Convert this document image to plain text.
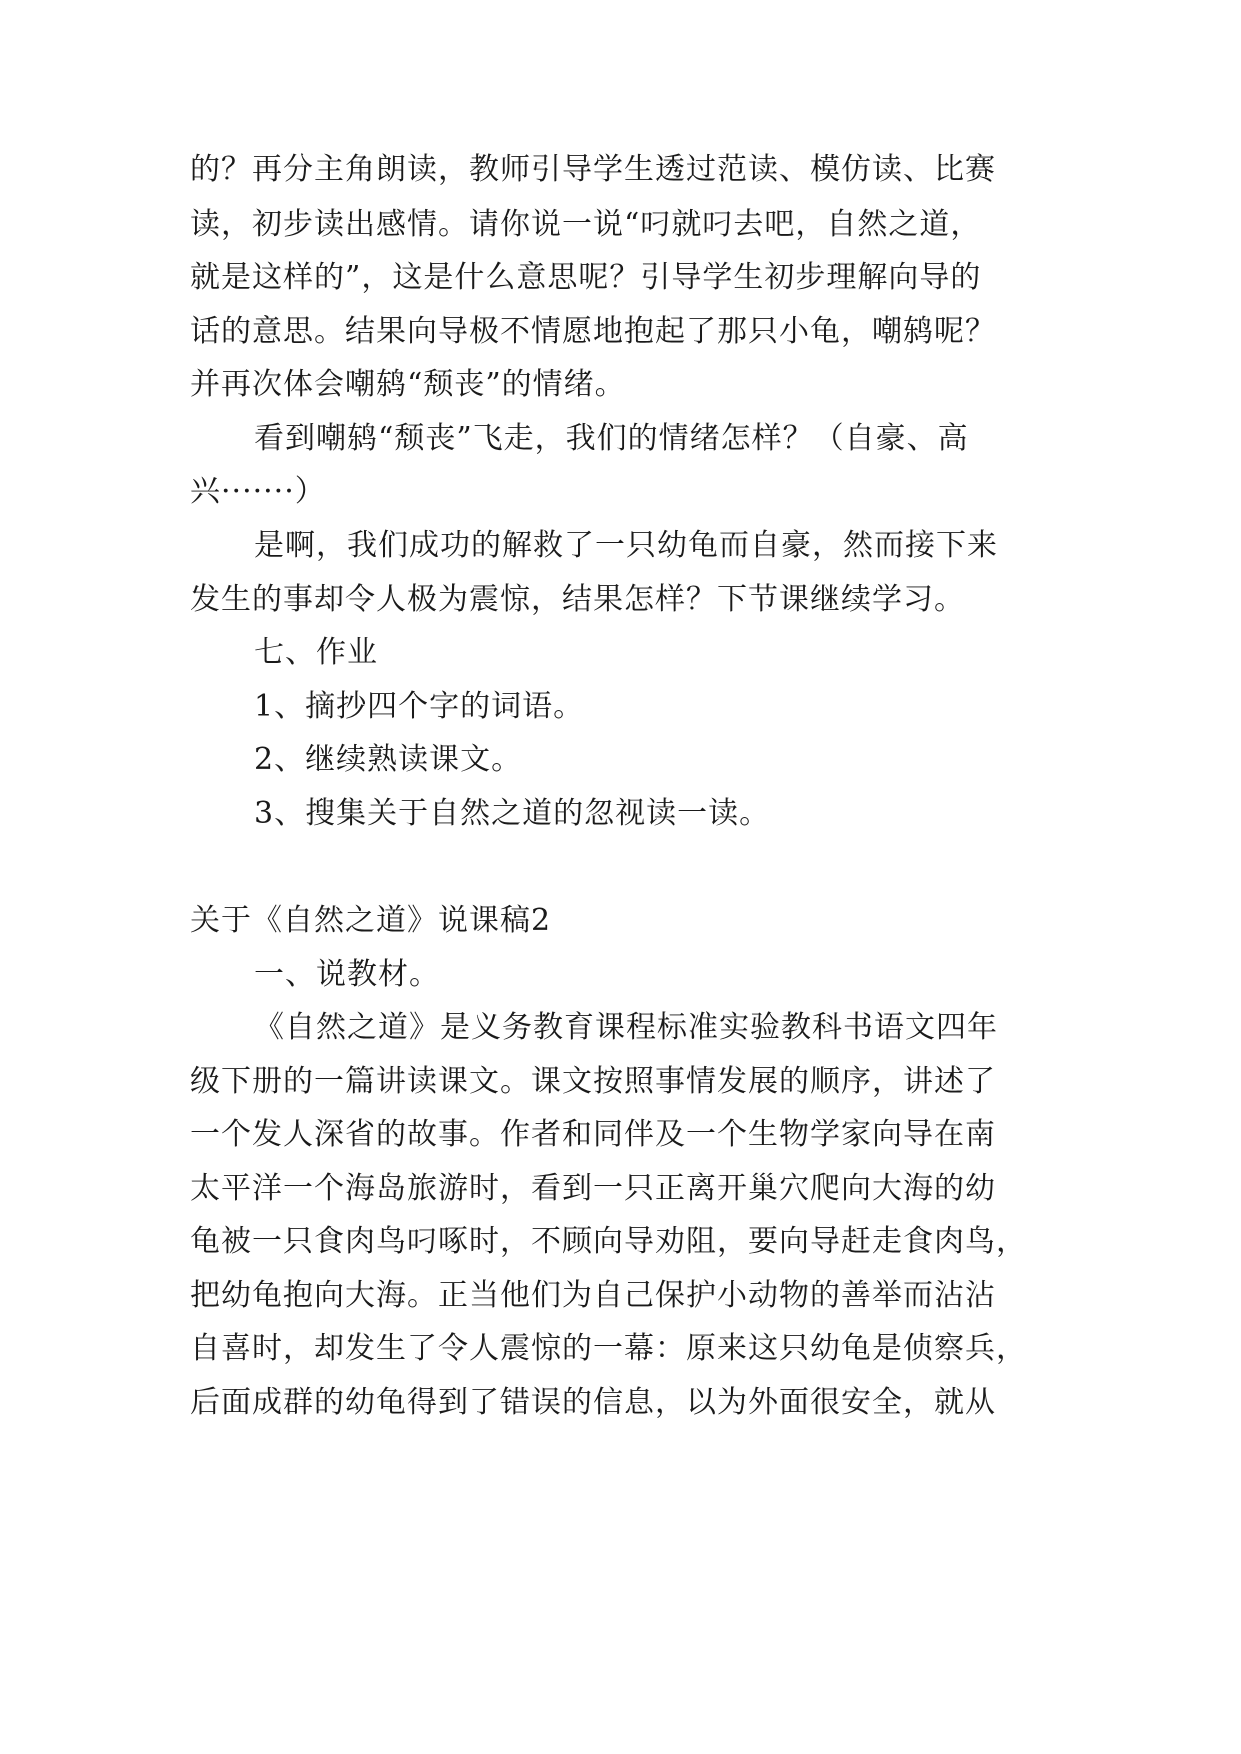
的？再分主角朗读，教师引导学生透过范读、模仿读、比赛
读，初步读出感情。请你说一说“叼就叼去吧，自然之道，
就是这样的”，这是什么意思呢？引导学生初步理解向导的
话的意思。结果向导极不情愿地抱起了那只小龟，嘲鸫呢？
并再次体会嘲鸫“颓丧”的情绪。
看到嘲鸫“颓丧”飞走，我们的情绪怎样？（自豪、高
兴·······）
是啊，我们成功的解救了一只幼龟而自豪，然而接下来
发生的事却令人极为震惊，结果怎样？下节课继续学习。
七、作业
1、摘抄四个字的词语。
2、继续熟读课文。
3、搜集关于自然之道的忽视读一读。
关于《自然之道》说课稿2
一、说教材。
《自然之道》是义务教育课程标准实验教科书语文四年
级下册的一篇讲读课文。课文按照事情发展的顺序，讲述了
一个发人深省的故事。作者和同伴及一个生物学家向导在南
太平洋一个海岛旅游时，看到一只正离开巢穴爬向大海的幼
龟被一只食肉鸟叼啄时，不顾向导劝阻，要向导赶走食肉鸟，
把幼龟抱向大海。正当他们为自己保护小动物的善举而沾沾
自喜时，却发生了令人震惊的一幕：原来这只幼龟是侦察兵，
后面成群的幼龟得到了错误的信息，以为外面很安全，就从
